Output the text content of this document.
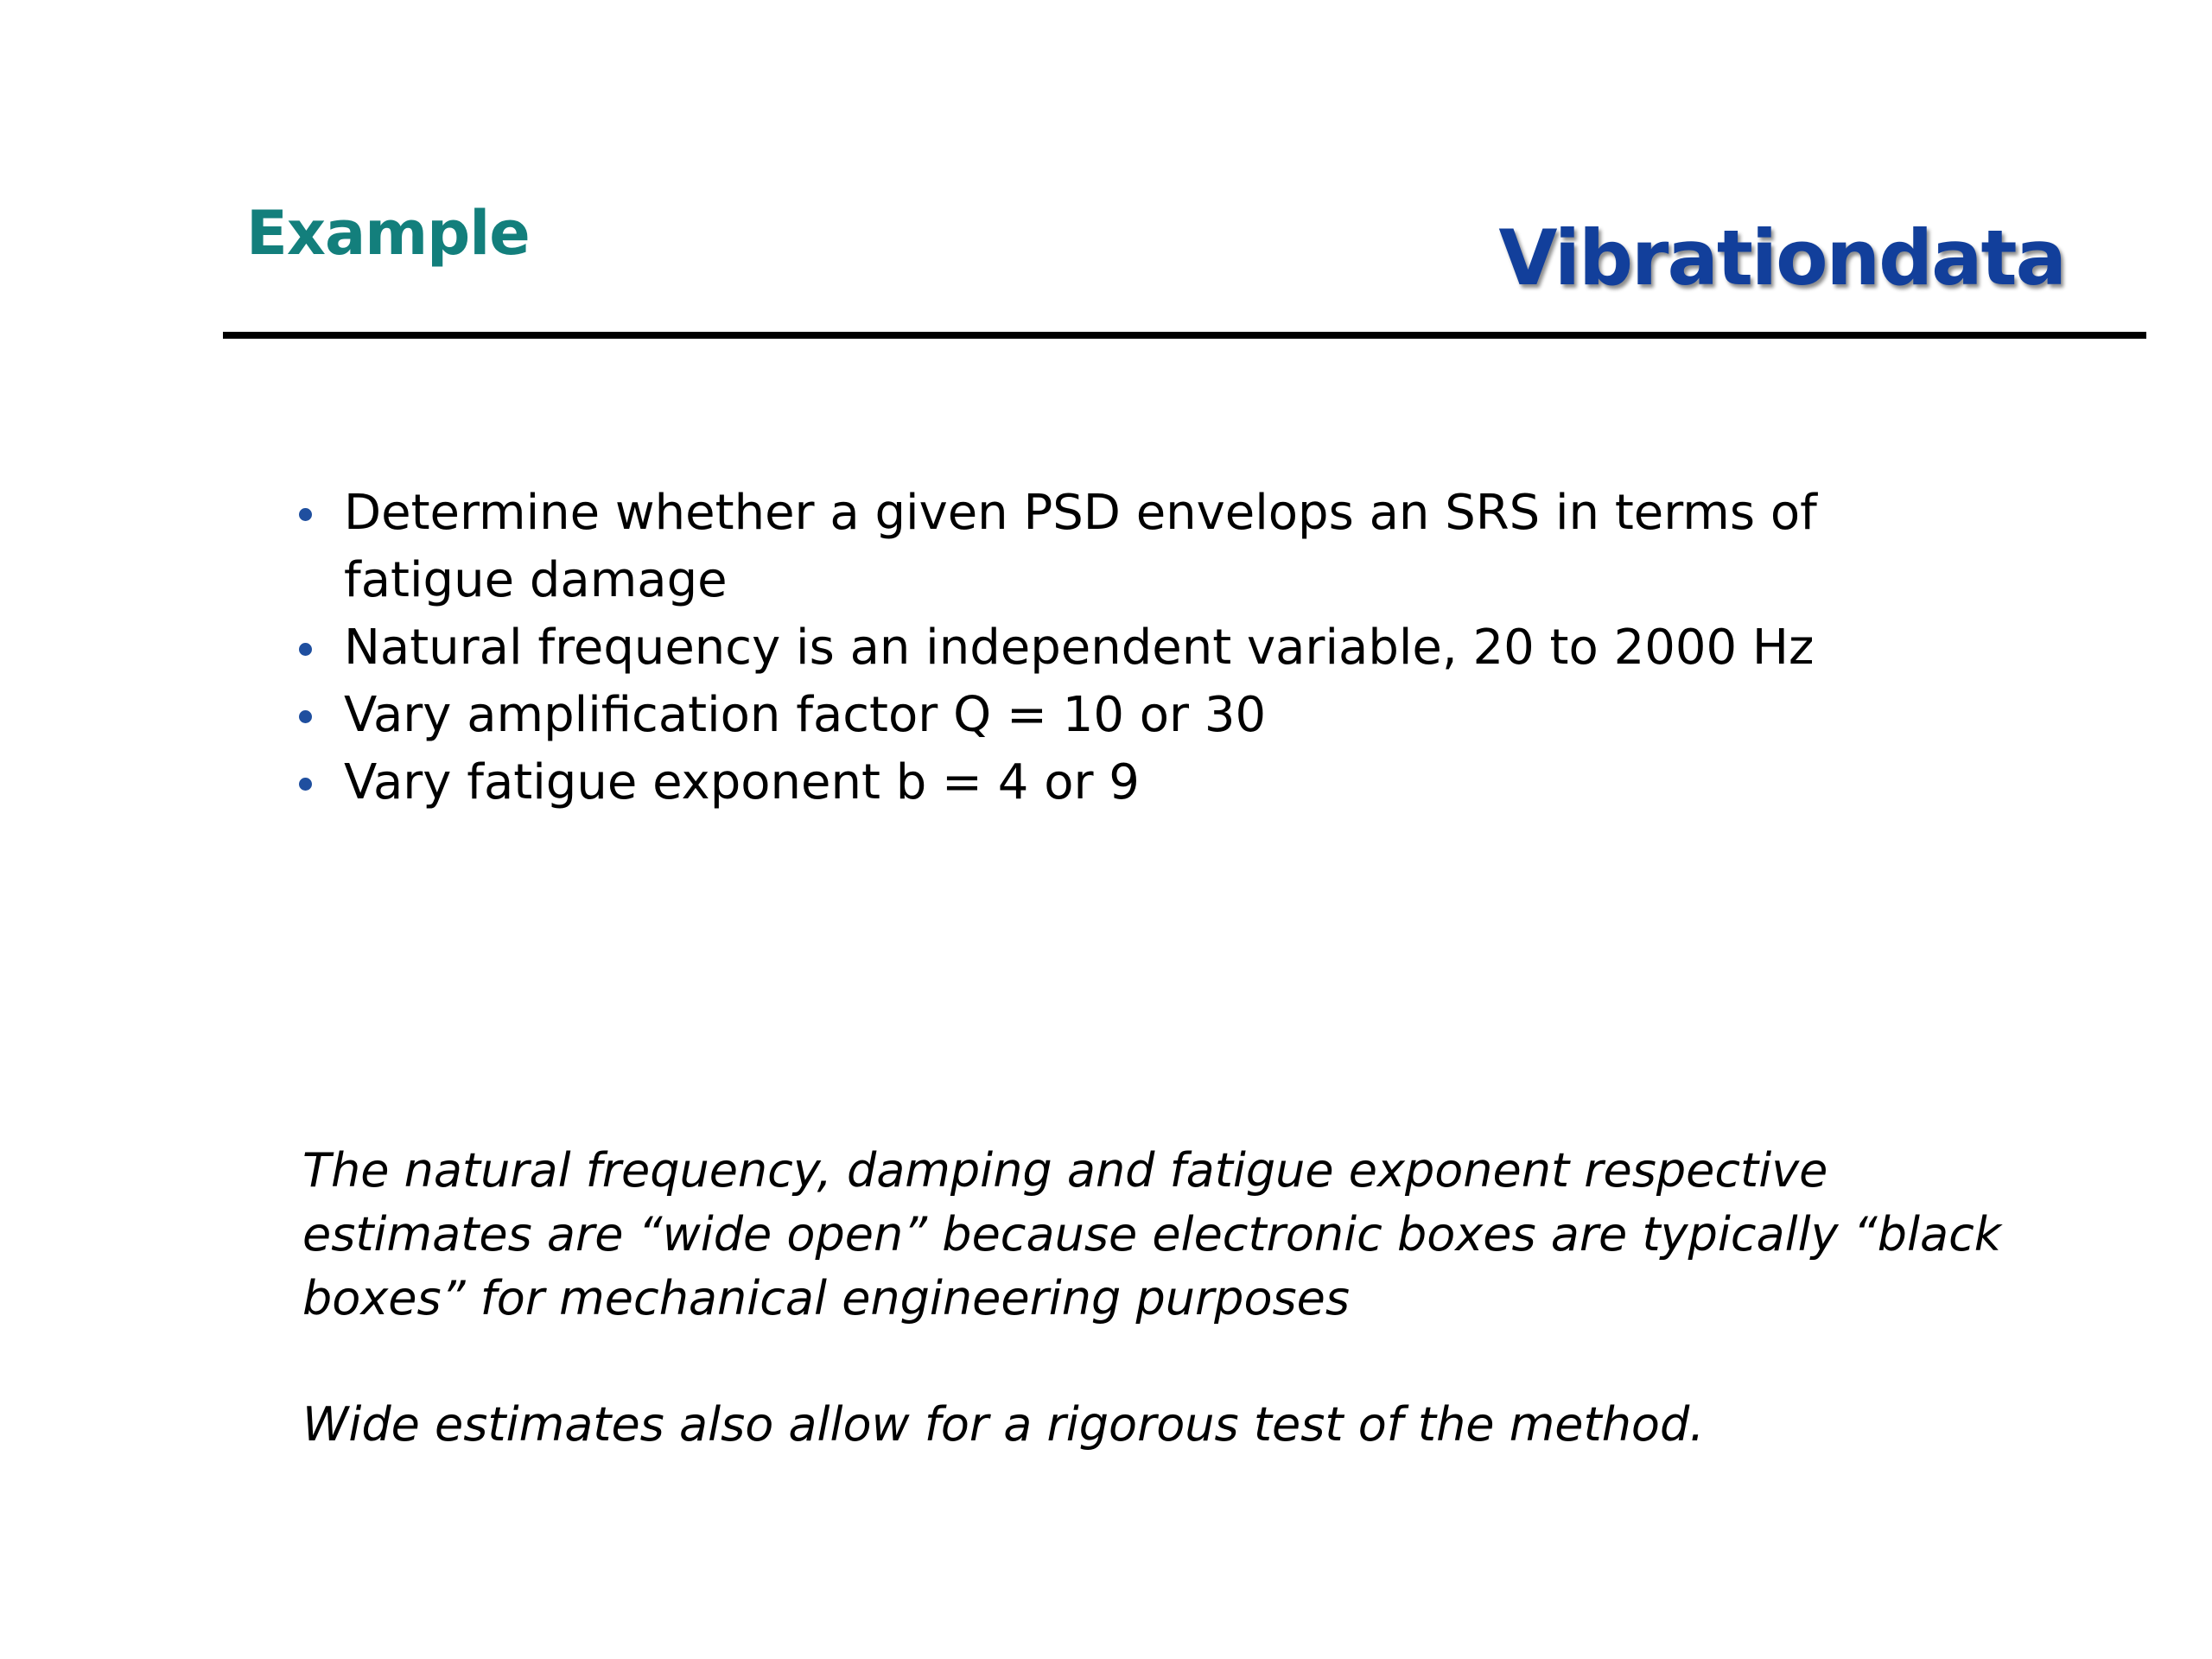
Example	Vibrationdata
Determine whether a given PSD envelops an SRS in terms of fatigue damage
Natural frequency is an independent variable, 20 to 2000 Hz
Vary amplification factor Q = 10 or 30
Vary fatigue exponent b = 4 or 9

The natural frequency, damping and fatigue exponent respective estimates are “wide open” because electronic boxes are typically “black boxes” for mechanical engineering purposes

Wide estimates also allow for a rigorous test of the method.
